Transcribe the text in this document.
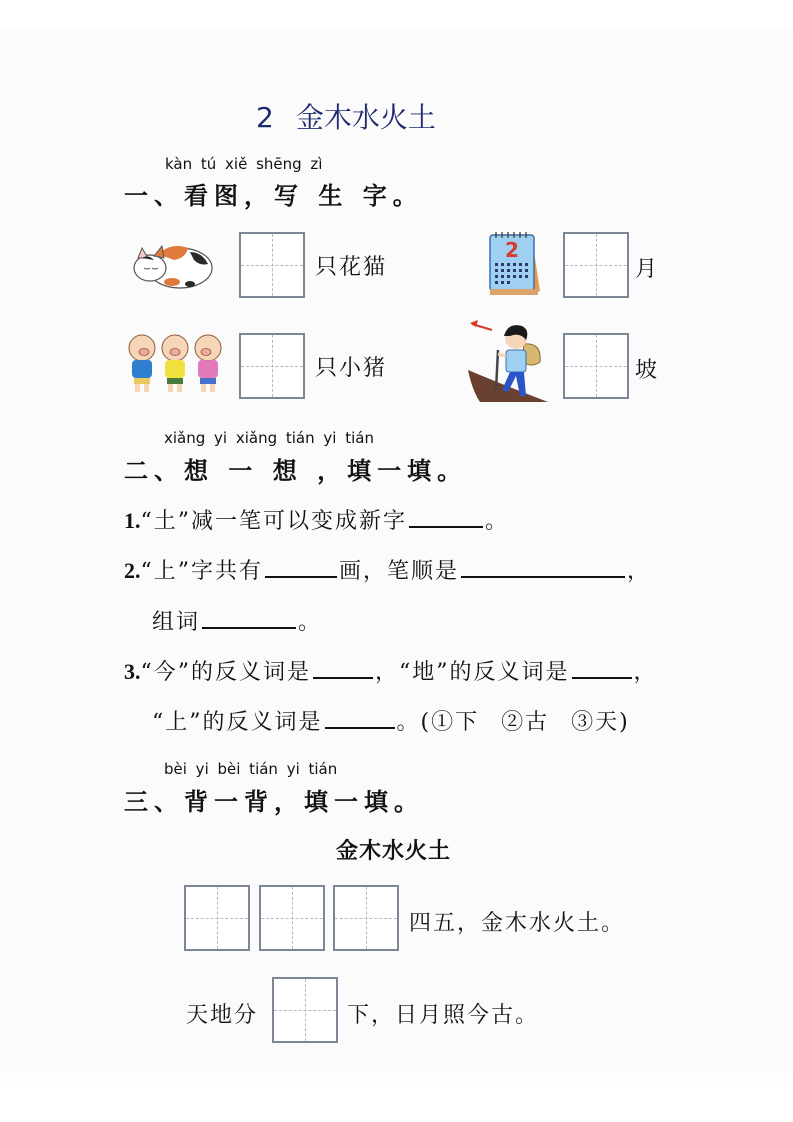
2 金木水火土
kàn tú xiě shēng zì
一、看图，写 生 字。
只花猫
2
月
只小猪	坡
xiǎng yi xiǎng tián yi tián
二、想 一 想 ，填一填。
1.“土”减一笔可以变成新字	。
2.“上”字共有	画，笔顺是	，
组词	。
3.“今”的反义词是	，“地”的反义词是	，
“上”的反义词是	。(①下 ②古 ③天)
bèi yi bèi tián yi tián
三、背一背，填一填。
金木水火土
四五，金木水火土。
天地分	下，日月照今古。
